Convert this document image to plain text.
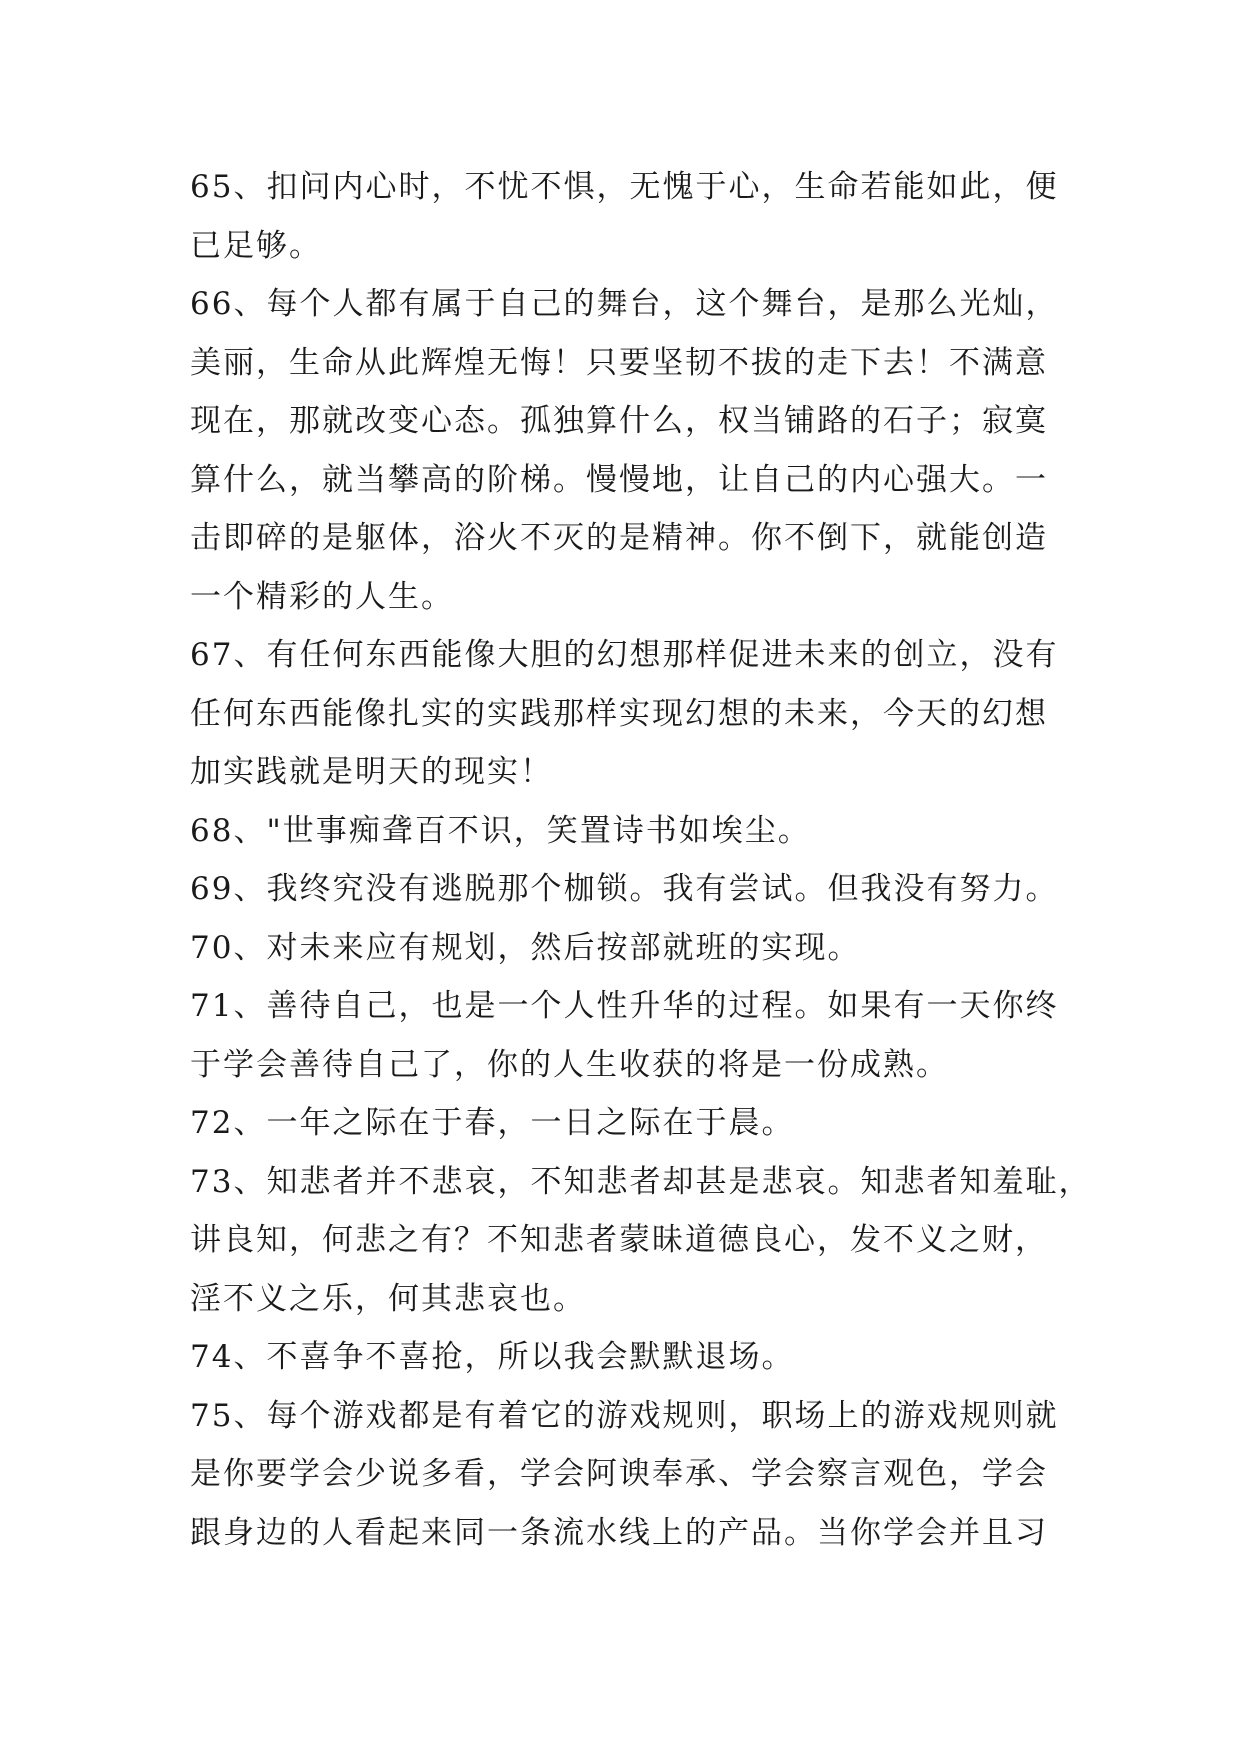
65、扣问内心时，不忧不惧，无愧于心，生命若能如此，便
已足够。
66、每个人都有属于自己的舞台，这个舞台，是那么光灿，
美丽，生命从此辉煌无悔！只要坚韧不拔的走下去！不满意
现在，那就改变心态。孤独算什么，权当铺路的石子；寂寞
算什么，就当攀高的阶梯。慢慢地，让自己的内心强大。一
击即碎的是躯体，浴火不灭的是精神。你不倒下，就能创造
一个精彩的人生。
67、有任何东西能像大胆的幻想那样促进未来的创立，没有
任何东西能像扎实的实践那样实现幻想的未来，今天的幻想
加实践就是明天的现实！
68、"世事痴聋百不识，笑置诗书如埃尘。
69、我终究没有逃脱那个枷锁。我有尝试。但我没有努力。
70、对未来应有规划，然后按部就班的实现。
71、善待自己，也是一个人性升华的过程。如果有一天你终
于学会善待自己了，你的人生收获的将是一份成熟。
72、一年之际在于春，一日之际在于晨。
73、知悲者并不悲哀，不知悲者却甚是悲哀。知悲者知羞耻，
讲良知，何悲之有？不知悲者蒙昧道德良心，发不义之财，
淫不义之乐，何其悲哀也。
74、不喜争不喜抢，所以我会默默退场。
75、每个游戏都是有着它的游戏规则，职场上的游戏规则就
是你要学会少说多看，学会阿谀奉承、学会察言观色，学会
跟身边的人看起来同一条流水线上的产品。当你学会并且习
